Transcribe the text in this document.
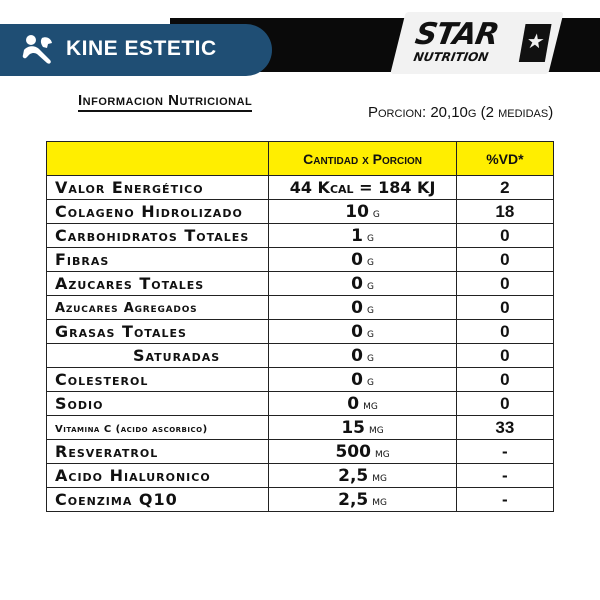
STAR
NUTRITION
★
KINE ESTETIC
Informacion Nutricional
Porcion: 20,10g (2 medidas)
	Cantidad x Porcion	%VD*
Valor Energético	44 Kcal = 184 KJ	2
Colageno Hidrolizado	10 g	18
Carbohidratos Totales	1 g	0
Fibras	0 g	0
Azucares Totales	0 g	0
Azucares Agregados	0 g	0
Grasas Totales	0 g	0
Saturadas	0 g	0
Colesterol	0 g	0
Sodio	0 mg	0
Vitamina C (acido ascorbico)	15 mg	33
Resveratrol	500 mg	-
Acido Hialuronico	2,5 mg	-
Coenzima Q10	2,5 mg	-
